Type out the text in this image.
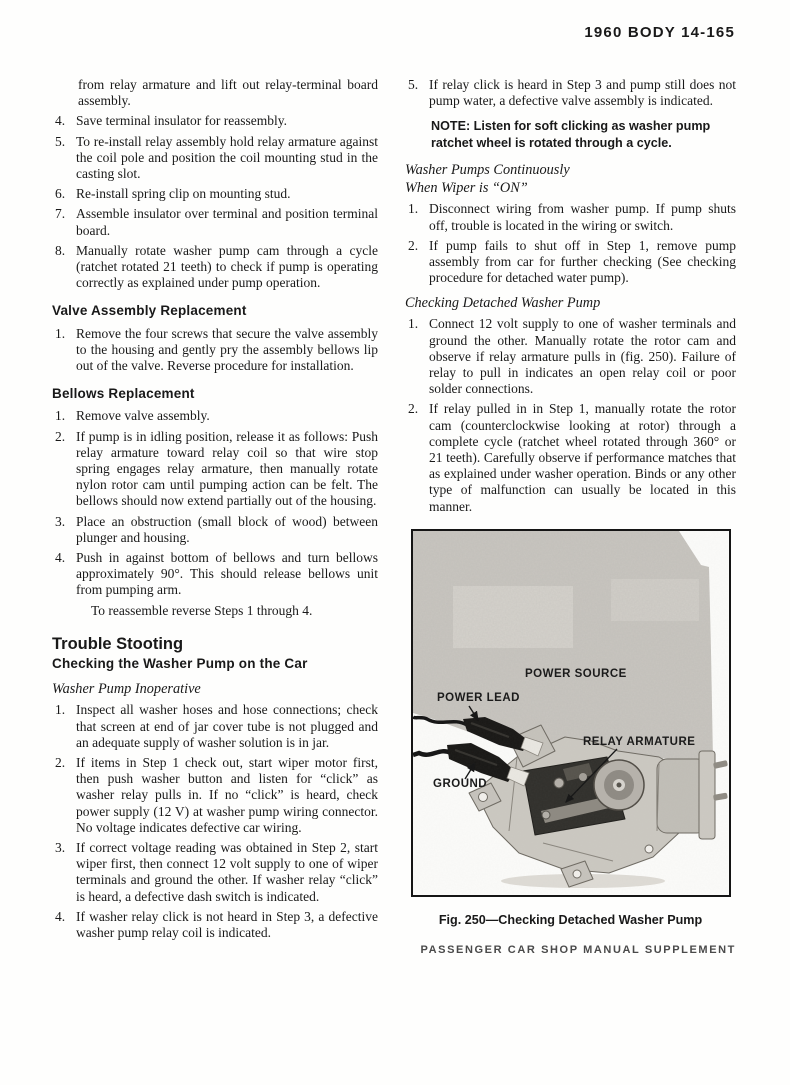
1960 BODY 14-165

from relay armature and lift out relay-terminal board assembly.

4. Save terminal insulator for reassembly.
5. To re-install relay assembly hold relay armature against the coil pole and position the coil mounting stud in the casting slot.
6. Re-install spring clip on mounting stud.
7. Assemble insulator over terminal and position terminal board.
8. Manually rotate washer pump cam through a cycle (ratchet rotated 21 teeth) to check if pump is operating correctly as explained under pump operation.
Valve Assembly Replacement
1. Remove the four screws that secure the valve assembly to the housing and gently pry the assembly bellows lip out of the valve. Reverse procedure for installation.
Bellows Replacement
1. Remove valve assembly.
2. If pump is in idling position, release it as follows: Push relay armature toward relay coil so that wire stop spring engages relay armature, then manually rotate nylon rotor cam until pumping action can be felt. The bellows should now extend partially out of the housing.
3. Place an obstruction (small block of wood) between plunger and housing.
4. Push in against bottom of bellows and turn bellows approximately 90°. This should release bellows unit from pumping arm.

To reassemble reverse Steps 1 through 4.

Trouble Stooting
Checking the Washer Pump on the Car
Washer Pump Inoperative
1. Inspect all washer hoses and hose connections; check that screen at end of jar cover tube is not plugged and an adequate supply of washer solution is in jar.
2. If items in Step 1 check out, start wiper motor first, then push washer button and listen for “click” as washer relay pulls in. If no “click” is heard, check power supply (12 V) at washer pump wiring connector. No voltage indicates defective car wiring.
3. If correct voltage reading was obtained in Step 2, start wiper first, then connect 12 volt supply to one of wiper terminals and ground the other. If washer relay “click” is heard, a defective dash switch is indicated.
4. If washer relay click is not heard in Step 3, a defective washer pump relay coil is indicated.
5. If relay click is heard in Step 3 and pump still does not pump water, a defective valve assembly is indicated.

NOTE: Listen for soft clicking as washer pump ratchet wheel is rotated through a cycle.

Washer Pumps Continuously
When Wiper is “ON”
1. Disconnect wiring from washer pump. If pump shuts off, trouble is located in the wiring or switch.
2. If pump fails to shut off in Step 1, remove pump assembly from car for further checking (See checking procedure for detached water pump).
Checking Detached Washer Pump
1. Connect 12 volt supply to one of washer terminals and ground the other. Manually rotate the rotor cam and observe if relay armature pulls in (fig. 250). Failure of relay to pull in indicates an open relay coil or poor solder connections.
2. If relay pulled in in Step 1, manually rotate the rotor cam (counterclockwise looking at rotor) through a complete cycle (ratchet wheel rotated through 360° or 21 teeth). Carefully observe if performance matches that as explained under washer operation. Binds or any other type of malfunction can usually be located in this manner.
POWER SOURCE
POWER LEAD
GROUND
RELAY ARMATURE
Fig. 250—Checking Detached Washer Pump
PASSENGER CAR SHOP MANUAL SUPPLEMENT
